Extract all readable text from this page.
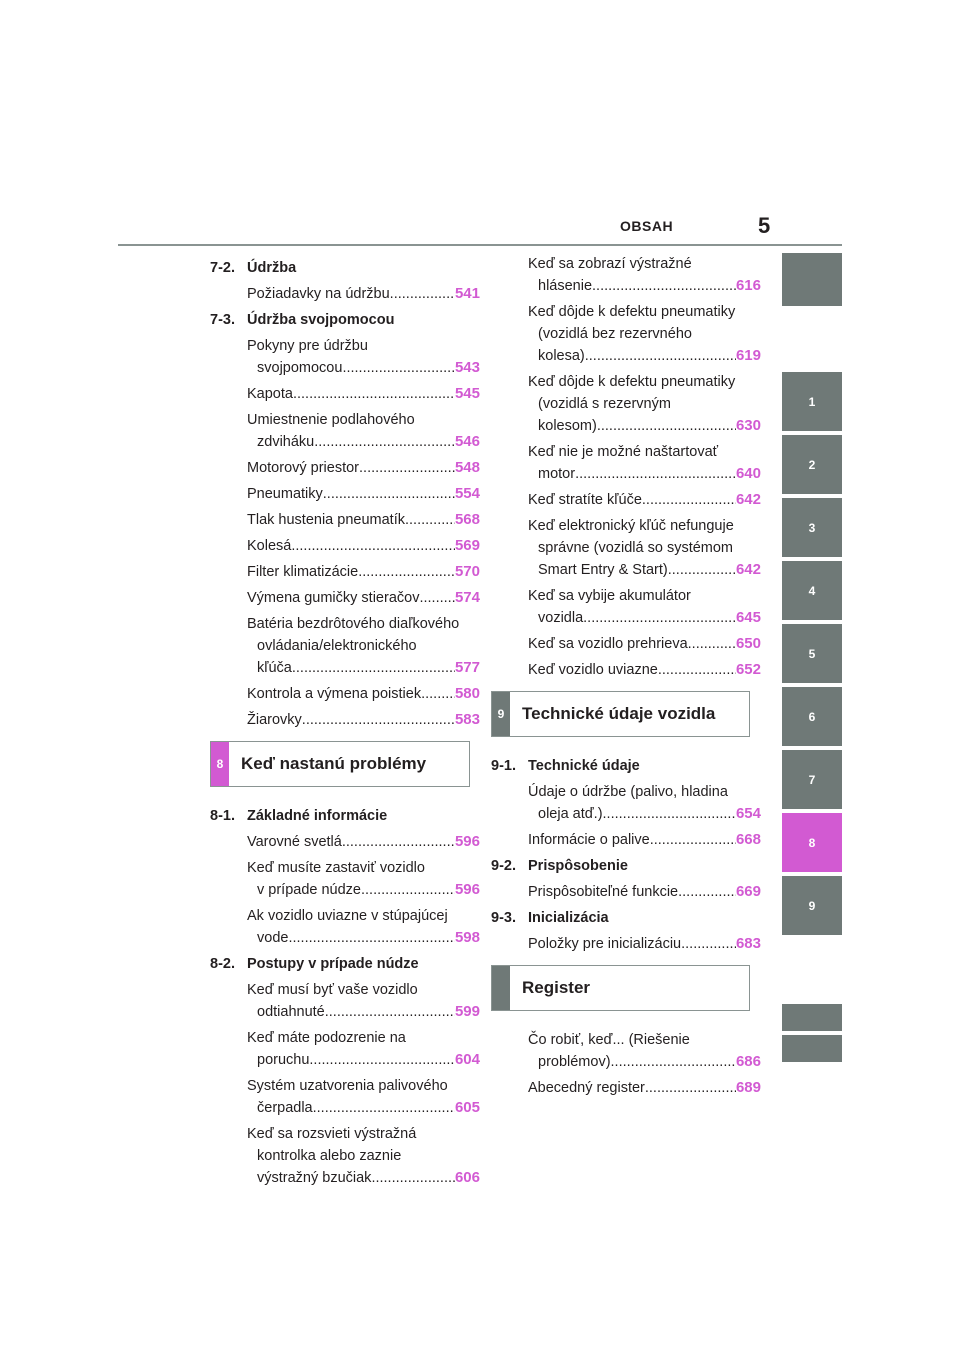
OBSAH	5
1
2
3
4
5
6
7
8
9
7-2. Údržba
Požiadavky na údržbu .....	541
7-3. Údržba svojpomocou
Pokyny pre údržbu
svojpomocou .....	543
Kapota .....	545
Umiestnenie podlahového
zdviháku .....	546
Motorový priestor .....	548
Pneumatiky .....	554
Tlak hustenia pneumatík .....	568
Kolesá .....	569
Filter klimatizácie .....	570
Výmena gumičky stieračov ..... 574
Batéria bezdrôtového diaľkového
ovládania/elektronického
kľúča .....	577
Kontrola a výmena poistiek ..... 580
Žiarovky .....	583
8	Keď nastanú problémy
8-1. Základné informácie
Varovné svetlá .....	596
Keď musíte zastaviť vozidlo
v prípade núdze .....	596
Ak vozidlo uviazne v stúpajúcej
vode .....	598
8-2. Postupy v prípade núdze
Keď musí byť vaše vozidlo
odtiahnuté .....	599
Keď máte podozrenie na
poruchu .....	604
Systém uzatvorenia palivového
čerpadla .....	605
Keď sa rozsvieti výstražná
kontrolka alebo zaznie
výstražný bzučiak .....	606
Keď sa zobrazí výstražné
hlásenie .....	616
Keď dôjde k defektu pneumatiky
(vozidlá bez rezervného
kolesa) .....	619
Keď dôjde k defektu pneumatiky
(vozidlá s rezervným
kolesom) .....	630
Keď nie je možné naštartovať
motor .....	640
Keď stratíte kľúče .....	642
Keď elektronický kľúč nefunguje
správne (vozidlá so systémom
Smart Entry & Start) .....	642
Keď sa vybije akumulátor
vozidla .....	645
Keď sa vozidlo prehrieva .....	650
Keď vozidlo uviazne .....	652
9	Technické údaje vozidla
9-1. Technické údaje
Údaje o údržbe (palivo, hladina
oleja atď.) .....	654
Informácie o palive .....	668
9-2. Prispôsobenie
Prispôsobiteľné funkcie .....	669
9-3. Inicializácia
Položky pre inicializáciu .....	683
Register
Čo robiť, keď... (Riešenie
problémov) .....	686
Abecedný register .....	689
